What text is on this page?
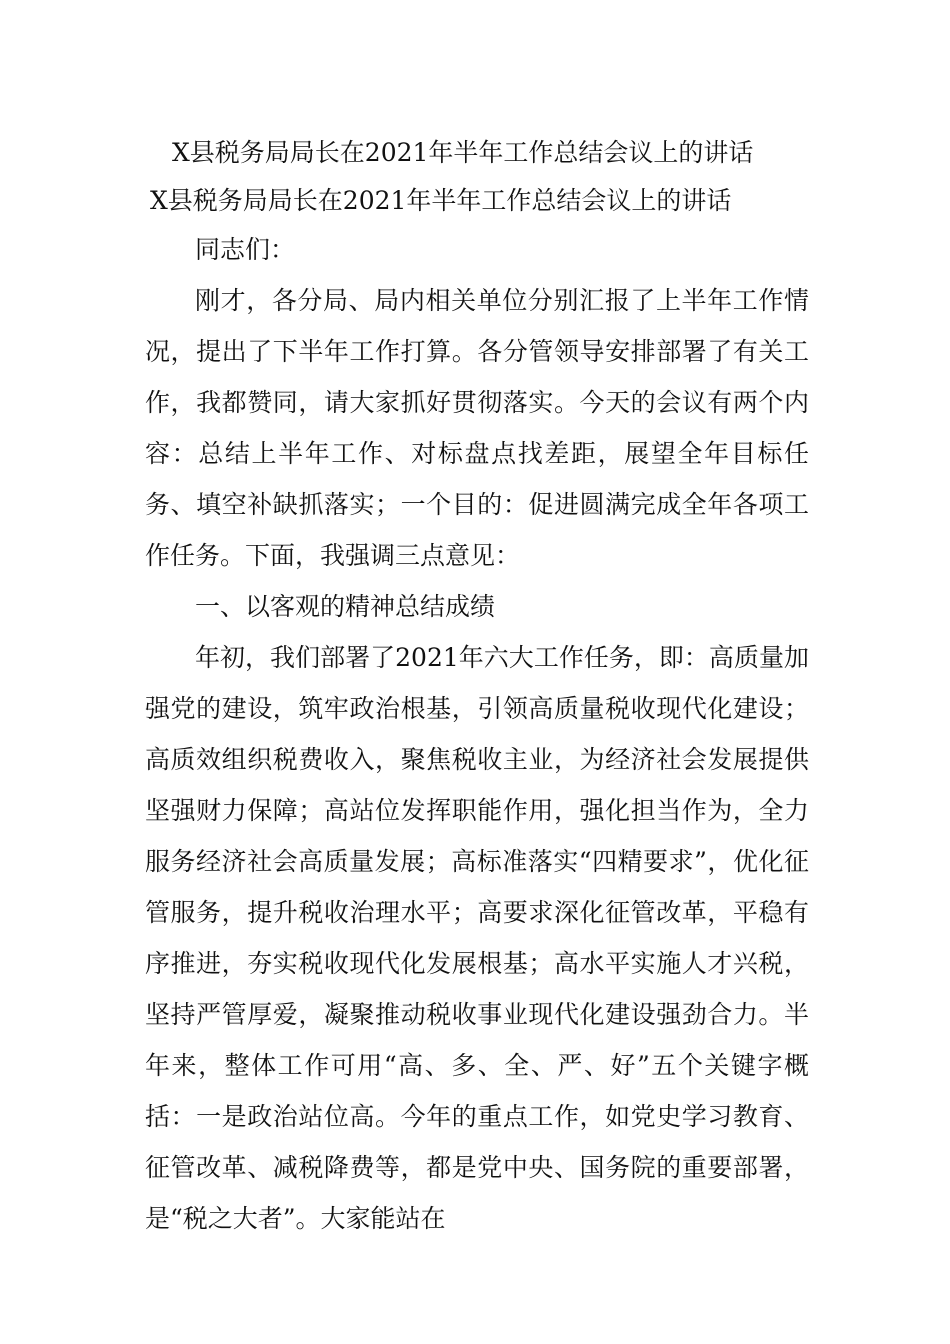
X县税务局局长在2021年半年工作总结会议上的讲话
X县税务局局长在2021年半年工作总结会议上的讲话

同志们：

刚才，各分局、局内相关单位分别汇报了上半年工作情况，提出了下半年工作打算。各分管领导安排部署了有关工作，我都赞同，请大家抓好贯彻落实。今天的会议有两个内容：总结上半年工作、对标盘点找差距，展望全年目标任务、填空补缺抓落实；一个目的：促进圆满完成全年各项工作任务。下面，我强调三点意见：

一、以客观的精神总结成绩

年初，我们部署了2021年六大工作任务，即：高质量加强党的建设，筑牢政治根基，引领高质量税收现代化建设；高质效组织税费收入，聚焦税收主业，为经济社会发展提供坚强财力保障；高站位发挥职能作用，强化担当作为，全力服务经济社会高质量发展；高标准落实“四精要求”，优化征管服务，提升税收治理水平；高要求深化征管改革，平稳有序推进，夯实税收现代化发展根基；高水平实施人才兴税，坚持严管厚爱，凝聚推动税收事业现代化建设强劲合力。半年来，整体工作可用“高、多、全、严、好”五个关键字概括：一是政治站位高。今年的重点工作，如党史学习教育、征管改革、减税降费等，都是党中央、国务院的重要部署，是“税之大者”。大家能站在
